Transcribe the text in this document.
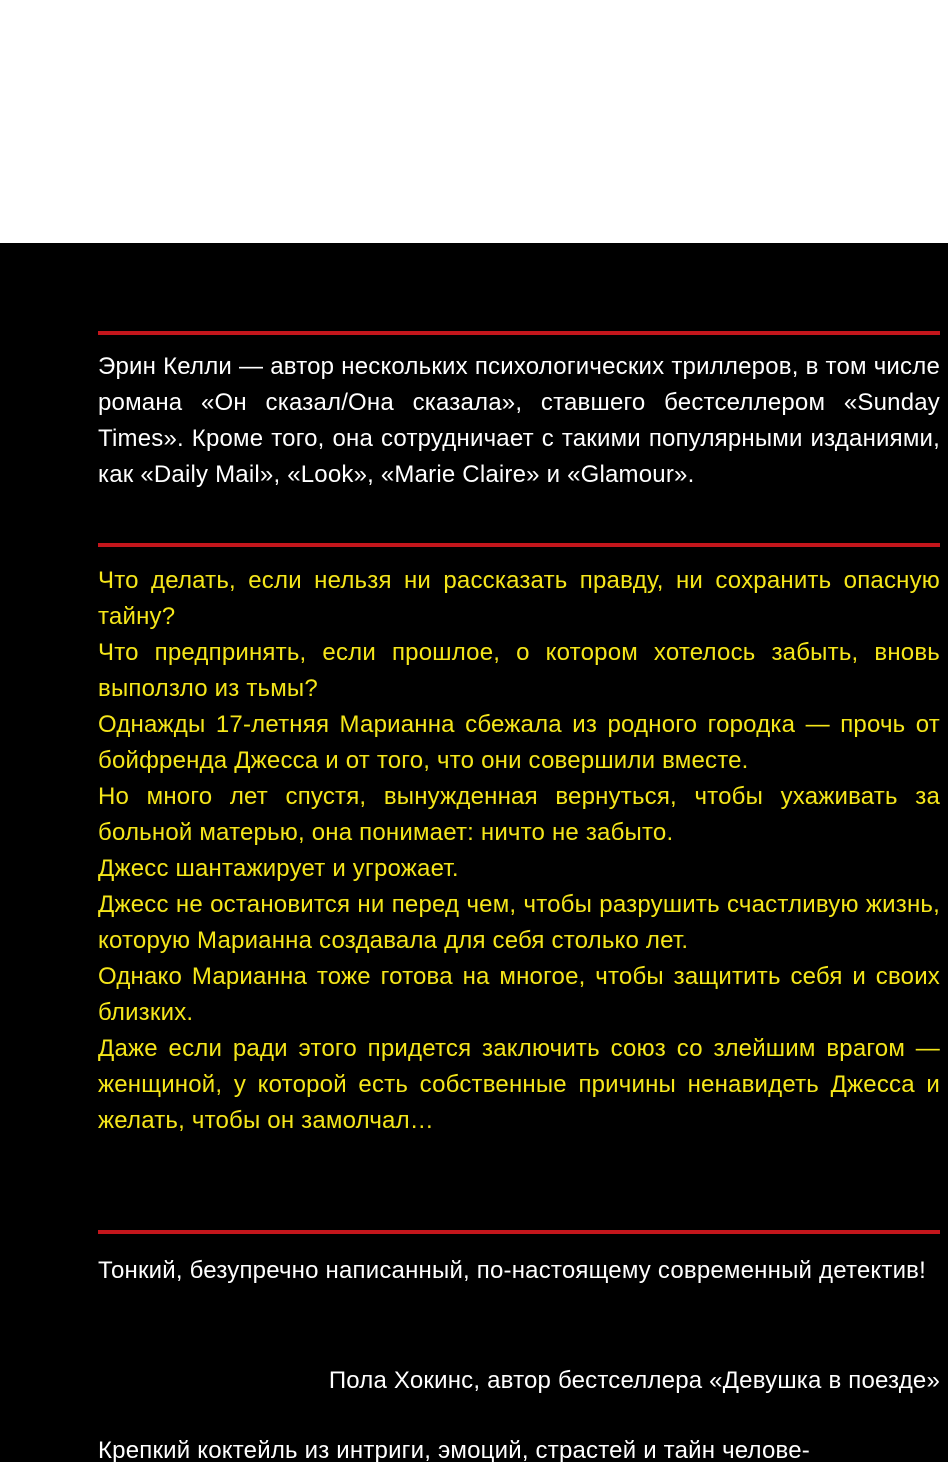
Эрин Келли — автор нескольких психологических триллеров, в том числе романа «Он сказал/Она сказала», ставшего бестселлером «Sunday Times». Кроме того, она сотрудничает с такими популярными изданиями, как «Daily Mail», «Look», «Marie Claire» и «Glamour».

Что делать, если нельзя ни рассказать правду, ни сохранить опасную тайну?

Что предпринять, если прошлое, о котором хотелось забыть, вновь выползло из тьмы?

Однажды 17-летняя Марианна сбежала из родного городка — прочь от бойфренда Джесса и от того, что они совершили вместе.

Но много лет спустя, вынужденная вернуться, чтобы ухаживать за больной матерью, она понимает: ничто не забыто.

Джесс шантажирует и угрожает.

Джесс не остановится ни перед чем, чтобы разрушить счастливую жизнь, которую Марианна создавала для себя столько лет.

Однако Марианна тоже готова на многое, чтобы защитить себя и своих близких.

Даже если ради этого придется заключить союз со злейшим врагом — женщиной, у которой есть собственные причины ненавидеть Джесса и желать, чтобы он замолчал…

Тонкий, безупречно написанный, по-настоящему современный детектив!

Пола Хокинс, автор бестселлера «Девушка в поезде»

Крепкий коктейль из интриги, эмоций, страстей и тайн челове-
